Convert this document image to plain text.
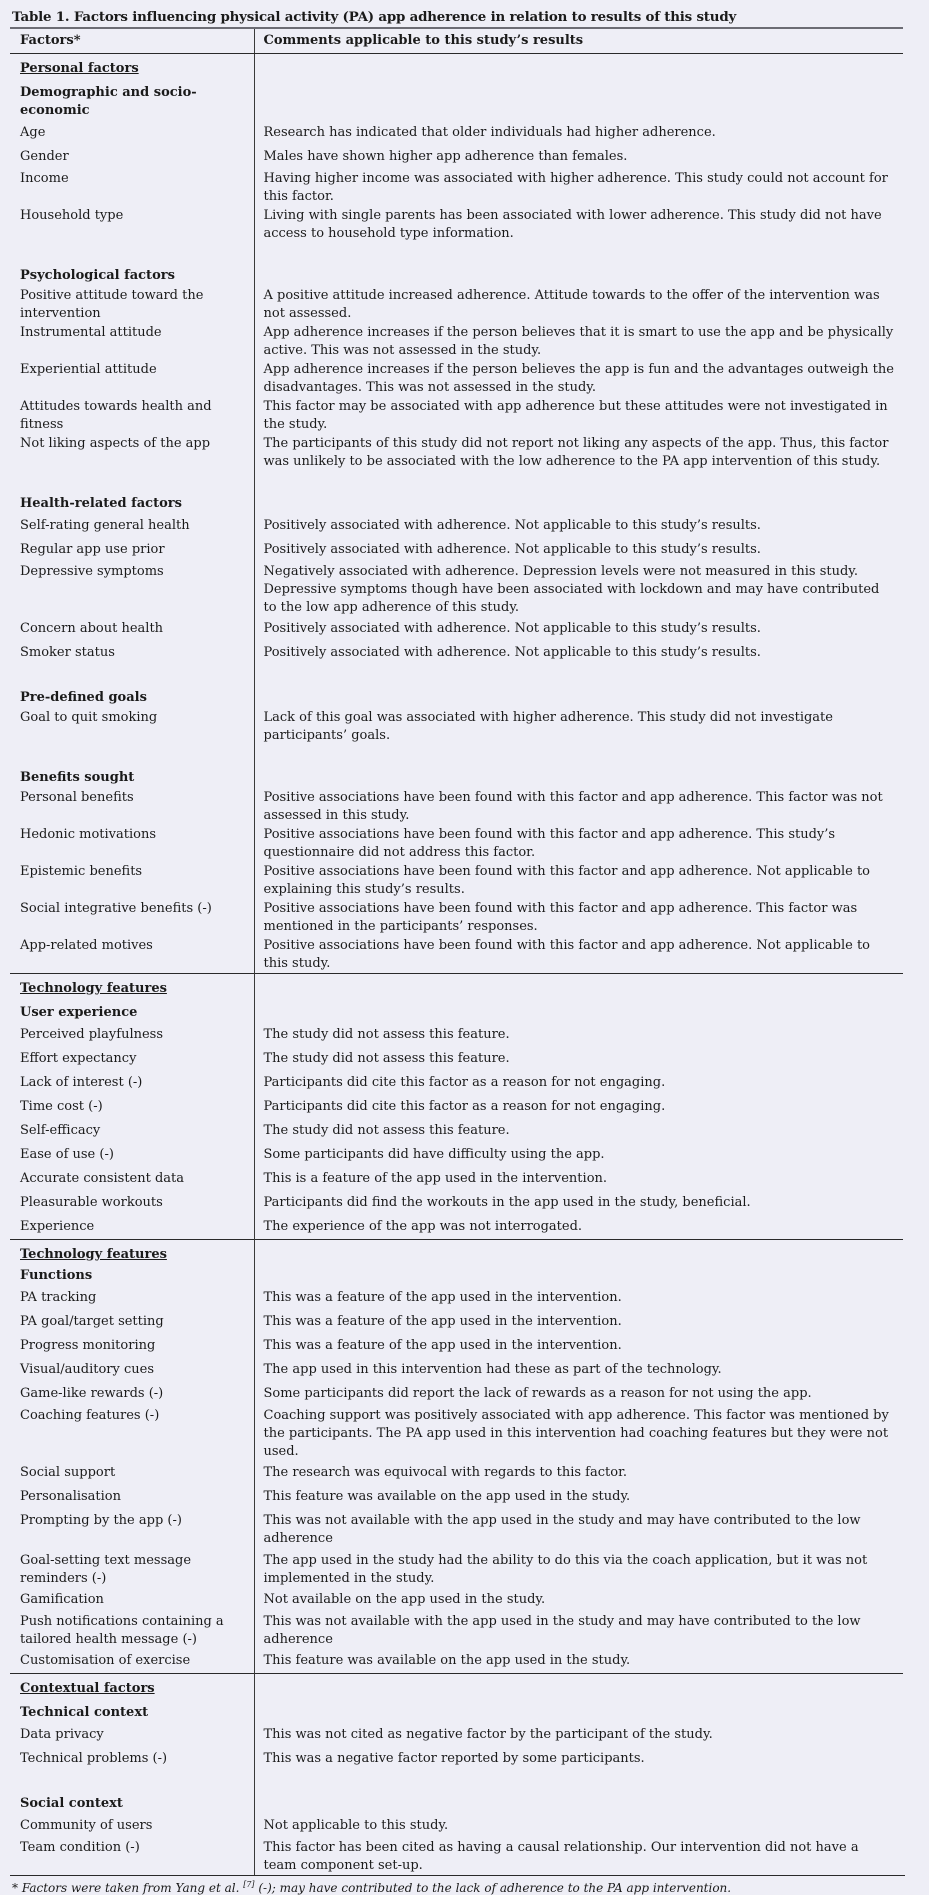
Table 1. Factors influencing physical activity (PA) app adherence in relation to results of this study
Factors*	Comments applicable to this study’s results
Personal factors	
Demographic and socio-economic	
Age	Research has indicated that older individuals had higher adherence.
Gender	Males have shown higher app adherence than females.
Income	Having higher income was associated with higher adherence. This study could not account for this factor.
Household type	Living with single parents has been associated with lower adherence. This study did not have access to household type information.

Psychological factors	
Positive attitude toward the intervention	A positive attitude increased adherence. Attitude towards to the offer of the intervention was not assessed.
Instrumental attitude	App adherence increases if the person believes that it is smart to use the app and be physically active. This was not assessed in the study.
Experiential attitude	App adherence increases if the person believes the app is fun and the advantages outweigh the disadvantages. This was not assessed in the study.
Attitudes towards health and fitness	This factor may be associated with app adherence but these attitudes were not investigated in the study.
Not liking aspects of the app	The participants of this study did not report not liking any aspects of the app. Thus, this factor was unlikely to be associated with the low adherence to the PA app intervention of this study.

Health-related factors	
Self-rating general health	Positively associated with adherence. Not applicable to this study’s results.
Regular app use prior	Positively associated with adherence. Not applicable to this study’s results.
Depressive symptoms	Negatively associated with adherence. Depression levels were not measured in this study. Depressive symptoms though have been associated with lockdown and may have contributed to the low app adherence of this study.
Concern about health	Positively associated with adherence. Not applicable to this study’s results.
Smoker status	Positively associated with adherence. Not applicable to this study’s results.

Pre-defined goals	
Goal to quit smoking	Lack of this goal was associated with higher adherence. This study did not investigate participants’ goals.

Benefits sought	
Personal benefits	Positive associations have been found with this factor and app adherence. This factor was not assessed in this study.
Hedonic motivations	Positive associations have been found with this factor and app adherence. This study’s questionnaire did not address this factor.
Epistemic benefits	Positive associations have been found with this factor and app adherence. Not applicable to explaining this study’s results.
Social integrative benefits (-)	Positive associations have been found with this factor and app adherence. This factor was mentioned in the participants’ responses.
App-related motives	Positive associations have been found with this factor and app adherence. Not applicable to this study.
Technology features	
User experience	
Perceived playfulness	The study did not assess this feature.
Effort expectancy	The study did not assess this feature.
Lack of interest (-)	Participants did cite this factor as a reason for not engaging.
Time cost (-)	Participants did cite this factor as a reason for not engaging.
Self-efficacy	The study did not assess this feature.
Ease of use (-)	Some participants did have difficulty using the app.
Accurate consistent data	This is a feature of the app used in the intervention.
Pleasurable workouts	Participants did find the workouts in the app used in the study, beneficial.
Experience	The experience of the app was not interrogated.
Technology features	
Functions	
PA tracking	This was a feature of the app used in the intervention.
PA goal/target setting	This was a feature of the app used in the intervention.
Progress monitoring	This was a feature of the app used in the intervention.
Visual/auditory cues	The app used in this intervention had these as part of the technology.
Game-like rewards (-)	Some participants did report the lack of rewards as a reason for not using the app.
Coaching features (-)	Coaching support was positively associated with app adherence. This factor was mentioned by the participants. The PA app used in this intervention had coaching features but they were not used.
Social support	The research was equivocal with regards to this factor.
Personalisation	This feature was available on the app used in the study.
Prompting by the app (-)	This was not available with the app used in the study and may have contributed to the low adherence
Goal-setting text message reminders (-)	The app used in the study had the ability to do this via the coach application, but it was not implemented in the study.
Gamification	Not available on the app used in the study.
Push notifications containing a tailored health message (-)	This was not available with the app used in the study and may have contributed to the low adherence
Customisation of exercise	This feature was available on the app used in the study.
Contextual factors	
Technical context	
Data privacy	This was not cited as negative factor by the participant of the study.
Technical problems (-)	This was a negative factor reported by some participants.

Social context	
Community of users	Not applicable to this study.
Team condition (-)	This factor has been cited as having a causal relationship. Our intervention did not have a team component set-up.
* Factors were taken from Yang et al. [7] (-); may have contributed to the lack of adherence to the PA app intervention.
